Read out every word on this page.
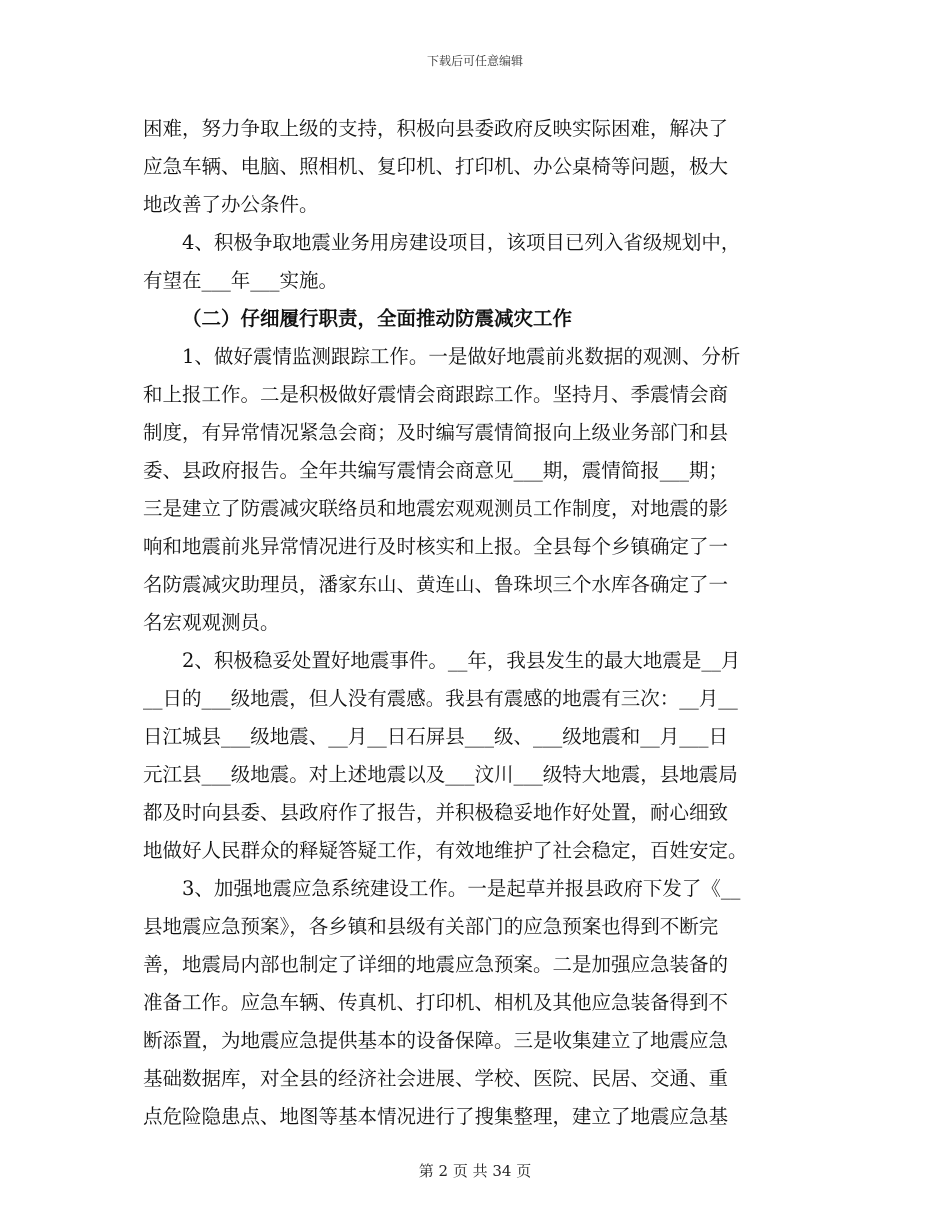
下载后可任意编辑
困难，努力争取上级的支持，积极向县委政府反映实际困难，解决了
应急车辆、电脑、照相机、复印机、打印机、办公桌椅等问题，极大
地改善了办公条件。
4、积极争取地震业务用房建设项目，该项目已列入省级规划中，
有望在___年___实施。
（二）仔细履行职责，全面推动防震减灾工作
1、做好震情监测跟踪工作。一是做好地震前兆数据的观测、分析
和上报工作。二是积极做好震情会商跟踪工作。坚持月、季震情会商
制度，有异常情况紧急会商；及时编写震情简报向上级业务部门和县
委、县政府报告。全年共编写震情会商意见___期，震情简报___期；
三是建立了防震减灾联络员和地震宏观观测员工作制度，对地震的影
响和地震前兆异常情况进行及时核实和上报。全县每个乡镇确定了一
名防震减灾助理员，潘家东山、黄连山、鲁珠坝三个水库各确定了一
名宏观观测员。
2、积极稳妥处置好地震事件。__年，我县发生的最大地震是__月
__日的___级地震，但人没有震感。我县有震感的地震有三次：__月__
日江城县___级地震、__月__日石屏县___级、___级地震和__月___日
元江县___级地震。对上述地震以及___汶川___级特大地震，县地震局
都及时向县委、县政府作了报告，并积极稳妥地作好处置，耐心细致
地做好人民群众的释疑答疑工作，有效地维护了社会稳定，百姓安定。
3、加强地震应急系统建设工作。一是起草并报县政府下发了《__
县地震应急预案》，各乡镇和县级有关部门的应急预案也得到不断完
善，地震局内部也制定了详细的地震应急预案。二是加强应急装备的
准备工作。应急车辆、传真机、打印机、相机及其他应急装备得到不
断添置，为地震应急提供基本的设备保障。三是收集建立了地震应急
基础数据库，对全县的经济社会进展、学校、医院、民居、交通、重
点危险隐患点、地图等基本情况进行了搜集整理，建立了地震应急基
第 2 页 共 34 页
